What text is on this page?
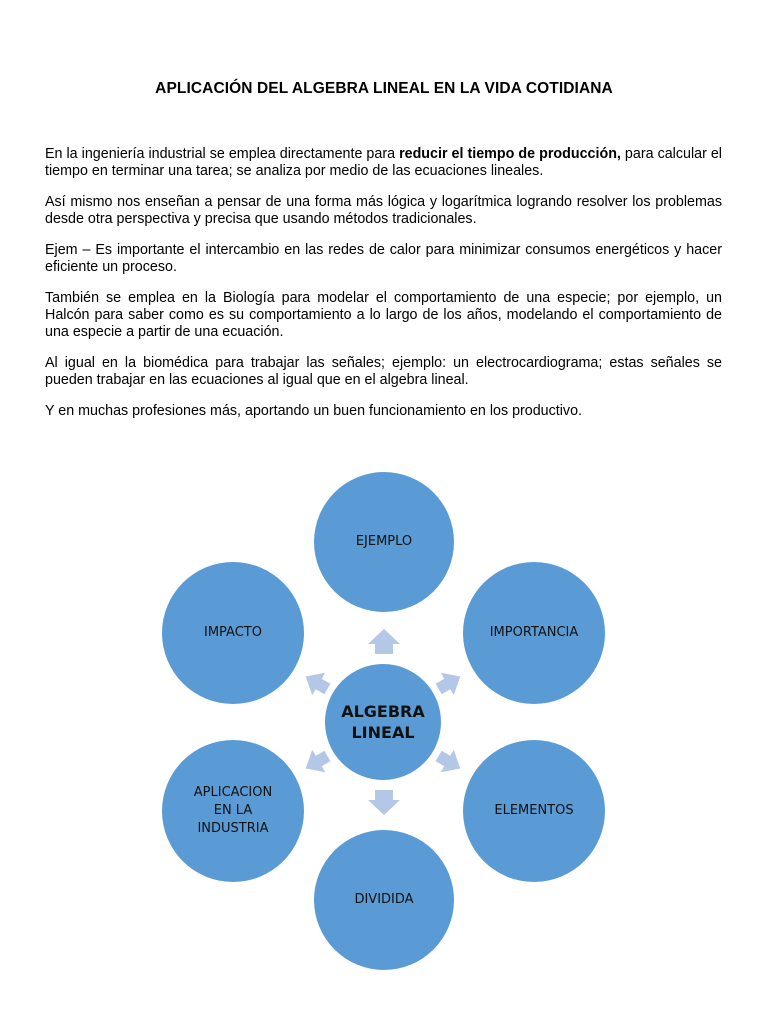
APLICACIÓN DEL ALGEBRA LINEAL EN LA VIDA COTIDIANA

En la ingeniería industrial se emplea directamente para reducir el tiempo de producción, para calcular el tiempo en terminar una tarea; se analiza por medio de las ecuaciones lineales.

Así mismo nos enseñan a pensar de una forma más lógica y logarítmica logrando resolver los problemas desde otra perspectiva y precisa que usando métodos tradicionales.

Ejem – Es importante el intercambio en las redes de calor para minimizar consumos energéticos y hacer eficiente un proceso.

También se emplea en la Biología para modelar el comportamiento de una especie; por ejemplo, un Halcón para saber como es su comportamiento a lo largo de los años, modelando el comportamiento de una especie a partir de una ecuación.

Al igual en la biomédica para trabajar las señales; ejemplo: un electrocardiograma; estas señales se pueden trabajar en las ecuaciones al igual que en el algebra lineal.

Y en muchas profesiones más, aportando un buen funcionamiento en los productivo.

EJEMPLO
IMPORTANCIA
ELEMENTOS
DIVIDIDA
APLICACION
EN LA
INDUSTRIA
IMPACTO
ALGEBRA
LINEAL
